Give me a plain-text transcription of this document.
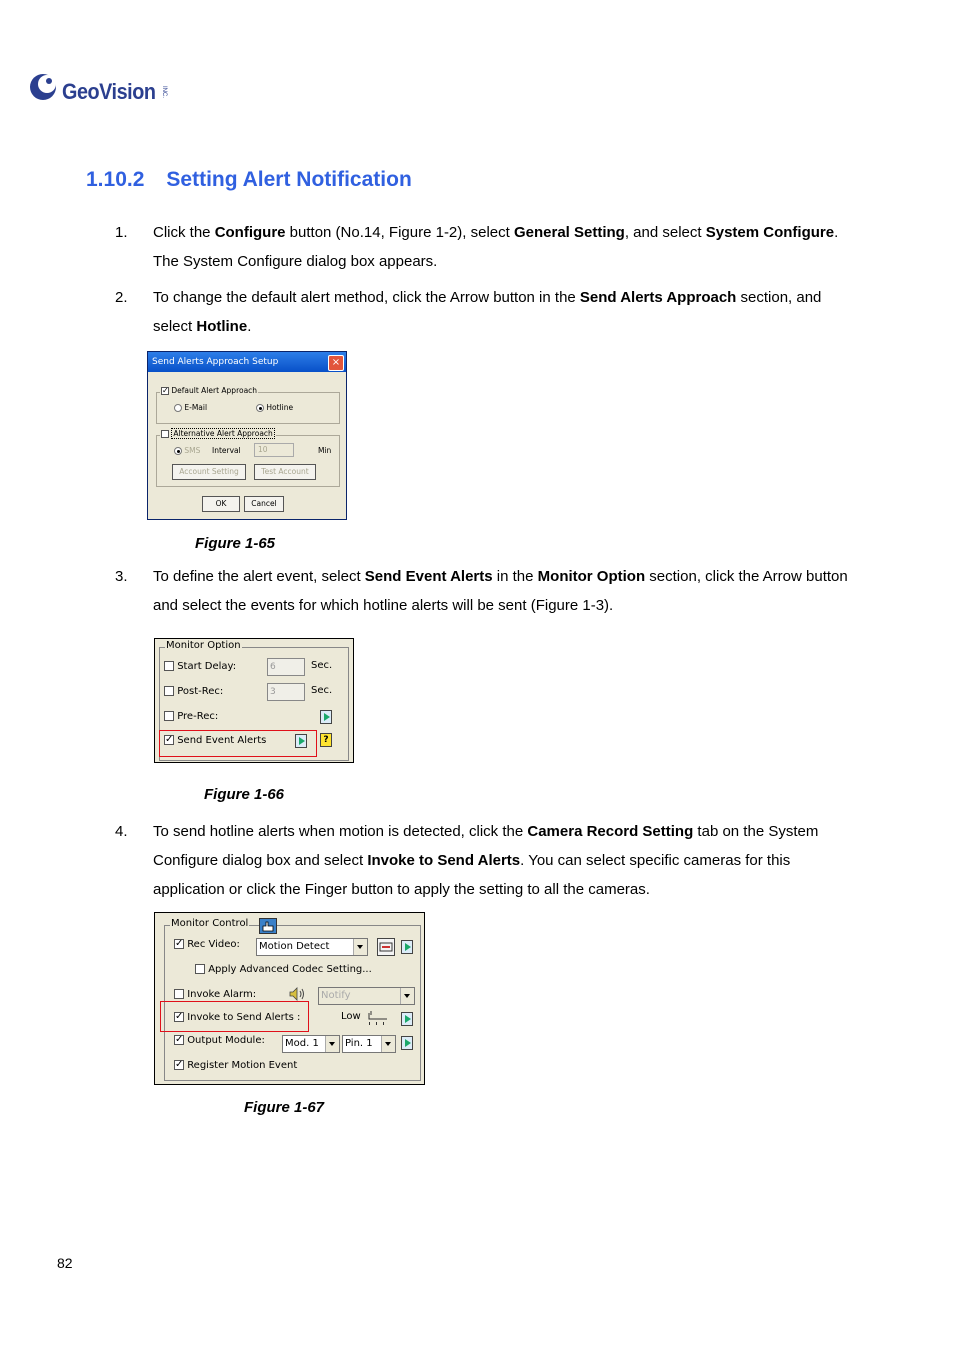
GeoVision INC.
1.10.2 Setting Alert Notification
1. Click the Configure button (No.14, Figure 1-2), select General Setting, and select System Configure. The System Configure dialog box appears.
2. To change the default alert method, click the Arrow button in the Send Alerts Approach section, and select Hotline.
Send Alerts Approach Setup	×
✓ Default Alert Approach
E-Mail	Hotline
Alternative Alert Approach
SMS Interval	10	Min
Account Setting	Test Account
OK	Cancel
Figure 1-65
3. To define the alert event, select Send Event Alerts in the Monitor Option section, click the Arrow button and select the events for which hotline alerts will be sent (Figure 1-3).
Monitor Option
Start Delay:	6	Sec.
Post-Rec:	3	Sec.
Pre-Rec:
✓ Send Event Alerts	?
Figure 1-66
4. To send hotline alerts when motion is detected, click the Camera Record Setting tab on the System Configure dialog box and select Invoke to Send Alerts. You can select specific cameras for this application or click the Finger button to apply the setting to all the cameras.
Monitor Control
✓ Rec Video:	Motion Detect
Apply Advanced Codec Setting...
Invoke Alarm:	Notify
✓ Invoke to Send Alerts :	Low
✓ Output Module:	Mod. 1	Pin. 1
✓ Register Motion Event
Figure 1-67
82
